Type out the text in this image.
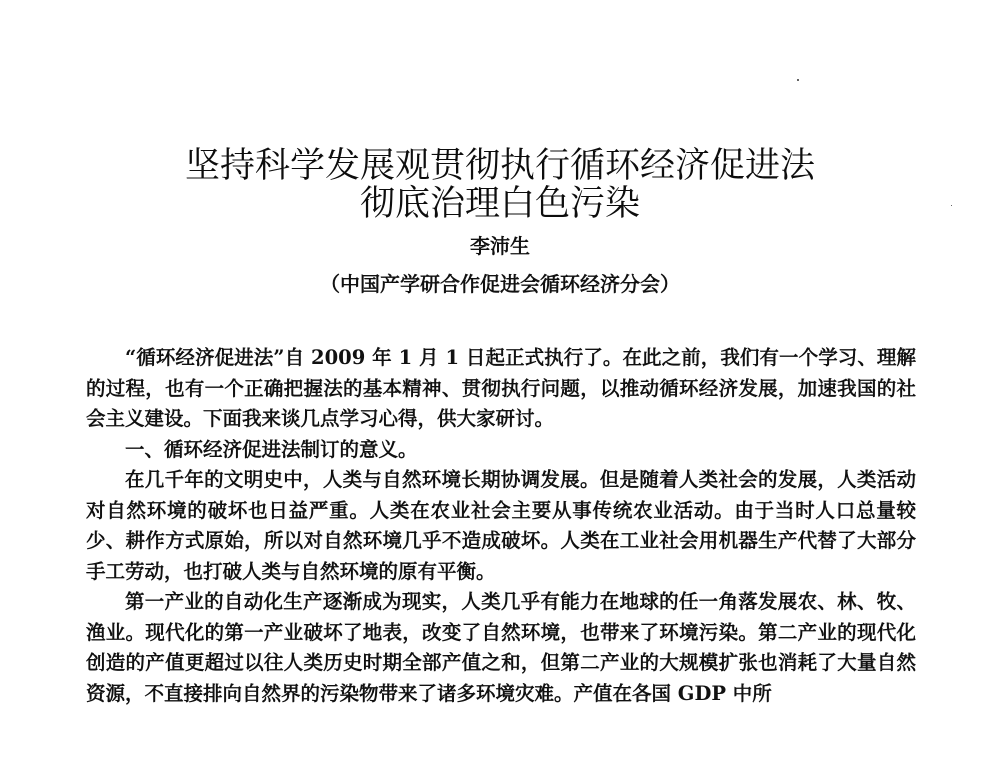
坚持科学发展观贯彻执行循环经济促进法
彻底治理白色污染
李沛生
（中国产学研合作促进会循环经济分会）

“循环经济促进法”自 2009 年 1 月 1 日起正式执行了。在此之前，我们有一个学习、理解的过程，也有一个正确把握法的基本精神、贯彻执行问题，以推动循环经济发展，加速我国的社会主义建设。下面我来谈几点学习心得，供大家研讨。

一、循环经济促进法制订的意义。

在几千年的文明史中，人类与自然环境长期协调发展。但是随着人类社会的发展，人类活动对自然环境的破坏也日益严重。人类在农业社会主要从事传统农业活动。由于当时人口总量较少、耕作方式原始，所以对自然环境几乎不造成破坏。人类在工业社会用机器生产代替了大部分手工劳动，也打破人类与自然环境的原有平衡。

第一产业的自动化生产逐渐成为现实，人类几乎有能力在地球的任一角落发展农、林、牧、渔业。现代化的第一产业破坏了地表，改变了自然环境，也带来了环境污染。第二产业的现代化创造的产值更超过以往人类历史时期全部产值之和，但第二产业的大规模扩张也消耗了大量自然资源，不直接排向自然界的污染物带来了诸多环境灾难。产值在各国 GDP 中所
